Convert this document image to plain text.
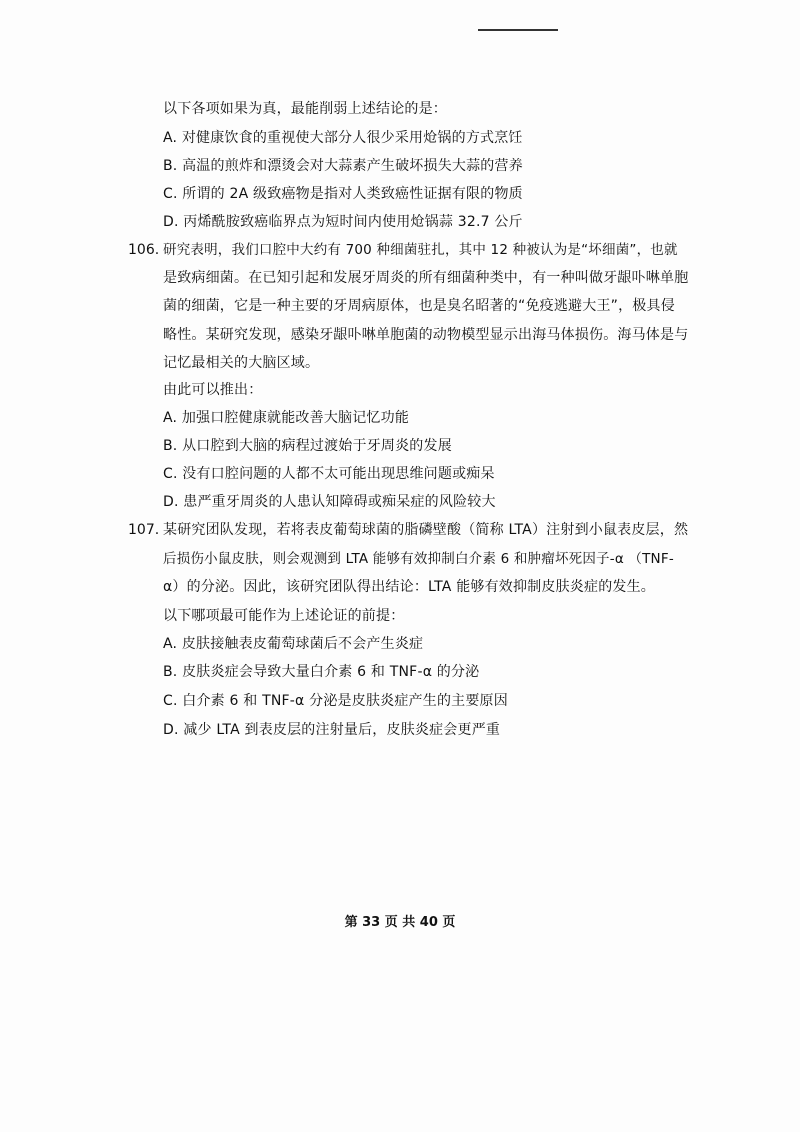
以下各项如果为真，最能削弱上述结论的是：
A. 对健康饮食的重视使大部分人很少采用炝锅的方式烹饪
B. 高温的煎炸和漂烫会对大蒜素产生破坏损失大蒜的营养
C. 所谓的 2A 级致癌物是指对人类致癌性证据有限的物质
D. 丙烯酰胺致癌临界点为短时间内使用炝锅蒜 32.7 公斤
106. 研究表明，我们口腔中大约有 700 种细菌驻扎，其中 12 种被认为是“坏细菌”，也就
是致病细菌。在已知引起和发展牙周炎的所有细菌种类中，有一种叫做牙龈卟啉单胞
菌的细菌，它是一种主要的牙周病原体，也是臭名昭著的“免疫逃避大王”，极具侵
略性。某研究发现，感染牙龈卟啉单胞菌的动物模型显示出海马体损伤。海马体是与
记忆最相关的大脑区域。
由此可以推出：
A. 加强口腔健康就能改善大脑记忆功能
B. 从口腔到大脑的病程过渡始于牙周炎的发展
C. 没有口腔问题的人都不太可能出现思维问题或痴呆
D. 患严重牙周炎的人患认知障碍或痴呆症的风险较大
107. 某研究团队发现，若将表皮葡萄球菌的脂磷壁酸（简称 LTA）注射到小鼠表皮层，然
后损伤小鼠皮肤，则会观测到 LTA 能够有效抑制白介素 6 和肿瘤坏死因子-α （TNF-
α）的分泌。因此，该研究团队得出结论：LTA 能够有效抑制皮肤炎症的发生。
以下哪项最可能作为上述论证的前提：
A. 皮肤接触表皮葡萄球菌后不会产生炎症
B. 皮肤炎症会导致大量白介素 6 和 TNF-α 的分泌
C. 白介素 6 和 TNF-α 分泌是皮肤炎症产生的主要原因
D. 减少 LTA 到表皮层的注射量后，皮肤炎症会更严重
第 33 页 共 40 页
